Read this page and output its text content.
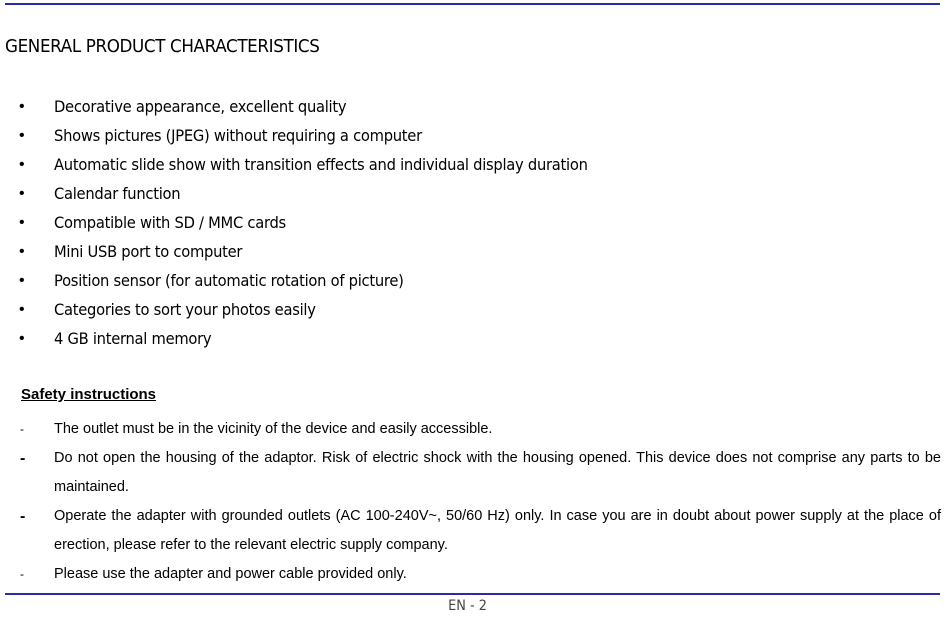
GENERAL PRODUCT CHARACTERISTICS
• Decorative appearance, excellent quality
• Shows pictures (JPEG) without requiring a computer
• Automatic slide show with transition effects and individual display duration
• Calendar function
• Compatible with SD / MMC cards
• Mini USB port to computer
• Position sensor (for automatic rotation of picture)
• Categories to sort your photos easily
• 4 GB internal memory
Safety instructions
- The outlet must be in the vicinity of the device and easily accessible.
- Do not open the housing of the adaptor. Risk of electric shock with the housing opened. This device does not comprise any parts to be maintained.
- Operate the adapter with grounded outlets (AC 100-240V~, 50/60 Hz) only. In case you are in doubt about power supply at the place of erection, please refer to the relevant electric supply company.
- Please use the adapter and power cable provided only.
EN - 2
